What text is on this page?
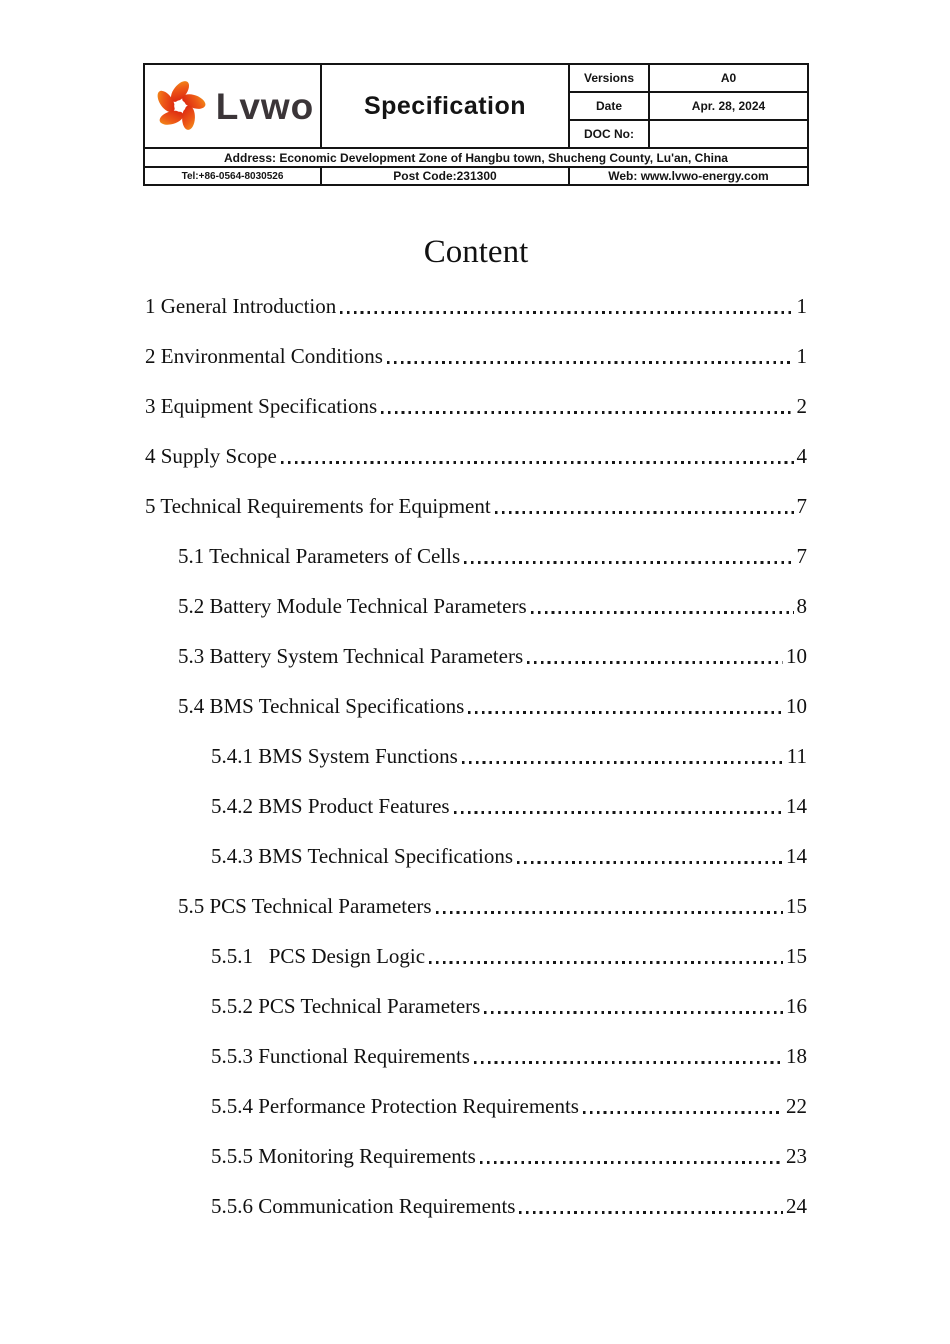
Lvwo	Specification	Versions	A0
		Date	Apr. 28, 2024
		DOC No:	
Address: Economic Development Zone of Hangbu town, Shucheng County, Lu'an, China			
Tel:+86-0564-8030526	Post Code:231300	Web: www.lvwo-energy.com	
Content
1 General Introduction	1
2 Environmental Conditions	1
3 Equipment Specifications	2
4 Supply Scope	4
5 Technical Requirements for Equipment	7
5.1 Technical Parameters of Cells	7
5.2 Battery Module Technical Parameters	8
5.3 Battery System Technical Parameters	10
5.4 BMS Technical Specifications	10
5.4.1 BMS System Functions	11
5.4.2 BMS Product Features	14
5.4.3 BMS Technical Specifications	14
5.5 PCS Technical Parameters	15
5.5.1   PCS Design Logic	15
5.5.2 PCS Technical Parameters	16
5.5.3 Functional Requirements	18
5.5.4 Performance Protection Requirements	22
5.5.5 Monitoring Requirements	23
5.5.6 Communication Requirements	24
